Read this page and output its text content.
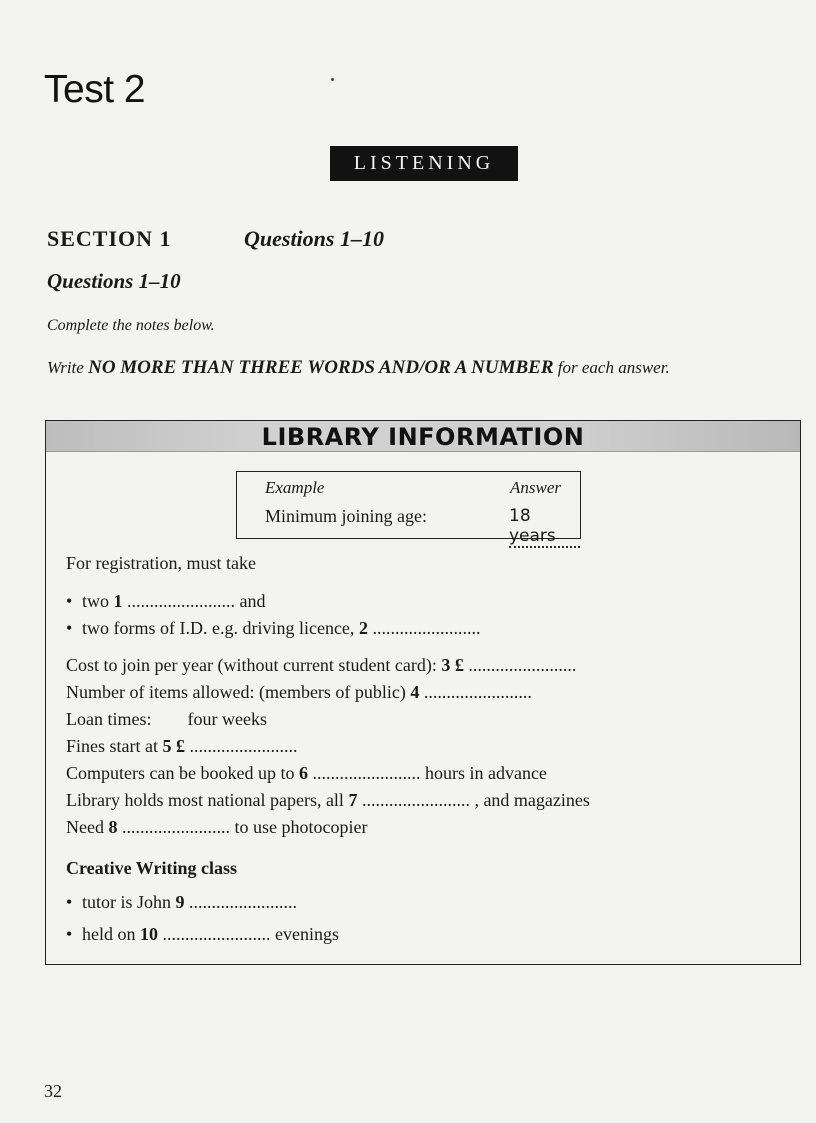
Test 2
LISTENING
SECTION 1	Questions 1–10
Questions 1–10
Complete the notes below.
Write NO MORE THAN THREE WORDS AND/OR A NUMBER for each answer.
LIBRARY INFORMATION
Example	Answer
Minimum joining age:	18 years
For registration, must take
• two 1 ........................ and
• two forms of I.D. e.g. driving licence, 2 ........................
Cost to join per year (without current student card): 3 £ ........................
Number of items allowed: (members of public) 4 ........................
Loan times: four weeks
Fines start at 5 £ ........................
Computers can be booked up to 6 ........................ hours in advance
Library holds most national papers, all 7 ........................ , and magazines
Need 8 ........................ to use photocopier
Creative Writing class
• tutor is John 9 ........................
• held on 10 ........................ evenings
32
